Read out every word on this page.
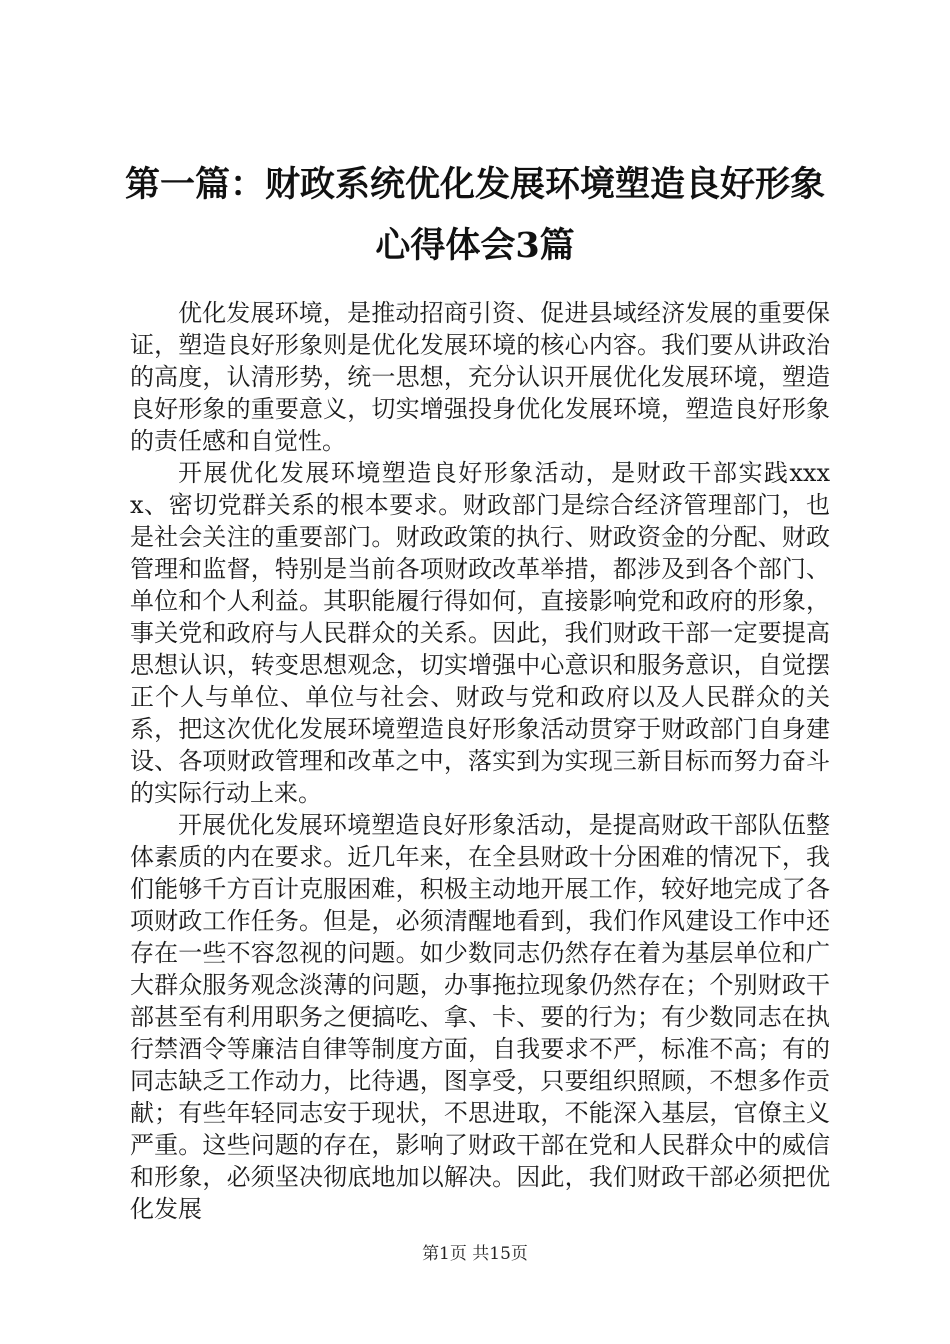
第一篇：财政系统优化发展环境塑造良好形象
心得体会3篇

优化发展环境，是推动招商引资、促进县域经济发展的重要保证，塑造良好形象则是优化发展环境的核心内容。我们要从讲政治的高度，认清形势，统一思想，充分认识开展优化发展环境，塑造良好形象的重要意义，切实增强投身优化发展环境，塑造良好形象的责任感和自觉性。

开展优化发展环境塑造良好形象活动，是财政干部实践xxxx、密切党群关系的根本要求。财政部门是综合经济管理部门，也是社会关注的重要部门。财政政策的执行、财政资金的分配、财政管理和监督，特别是当前各项财政改革举措，都涉及到各个部门、单位和个人利益。其职能履行得如何，直接影响党和政府的形象，事关党和政府与人民群众的关系。因此，我们财政干部一定要提高思想认识，转变思想观念，切实增强中心意识和服务意识，自觉摆正个人与单位、单位与社会、财政与党和政府以及人民群众的关系，把这次优化发展环境塑造良好形象活动贯穿于财政部门自身建设、各项财政管理和改革之中，落实到为实现三新目标而努力奋斗的实际行动上来。

开展优化发展环境塑造良好形象活动，是提高财政干部队伍整体素质的内在要求。近几年来，在全县财政十分困难的情况下，我们能够千方百计克服困难，积极主动地开展工作，较好地完成了各项财政工作任务。但是，必须清醒地看到，我们作风建设工作中还存在一些不容忽视的问题。如少数同志仍然存在着为基层单位和广大群众服务观念淡薄的问题，办事拖拉现象仍然存在；个别财政干部甚至有利用职务之便搞吃、拿、卡、要的行为；有少数同志在执行禁酒令等廉洁自律等制度方面，自我要求不严，标准不高；有的同志缺乏工作动力，比待遇，图享受，只要组织照顾，不想多作贡献；有些年轻同志安于现状，不思进取，不能深入基层，官僚主义严重。这些问题的存在，影响了财政干部在党和人民群众中的威信和形象，必须坚决彻底地加以解决。因此，我们财政干部必须把优化发展

第1页 共15页
